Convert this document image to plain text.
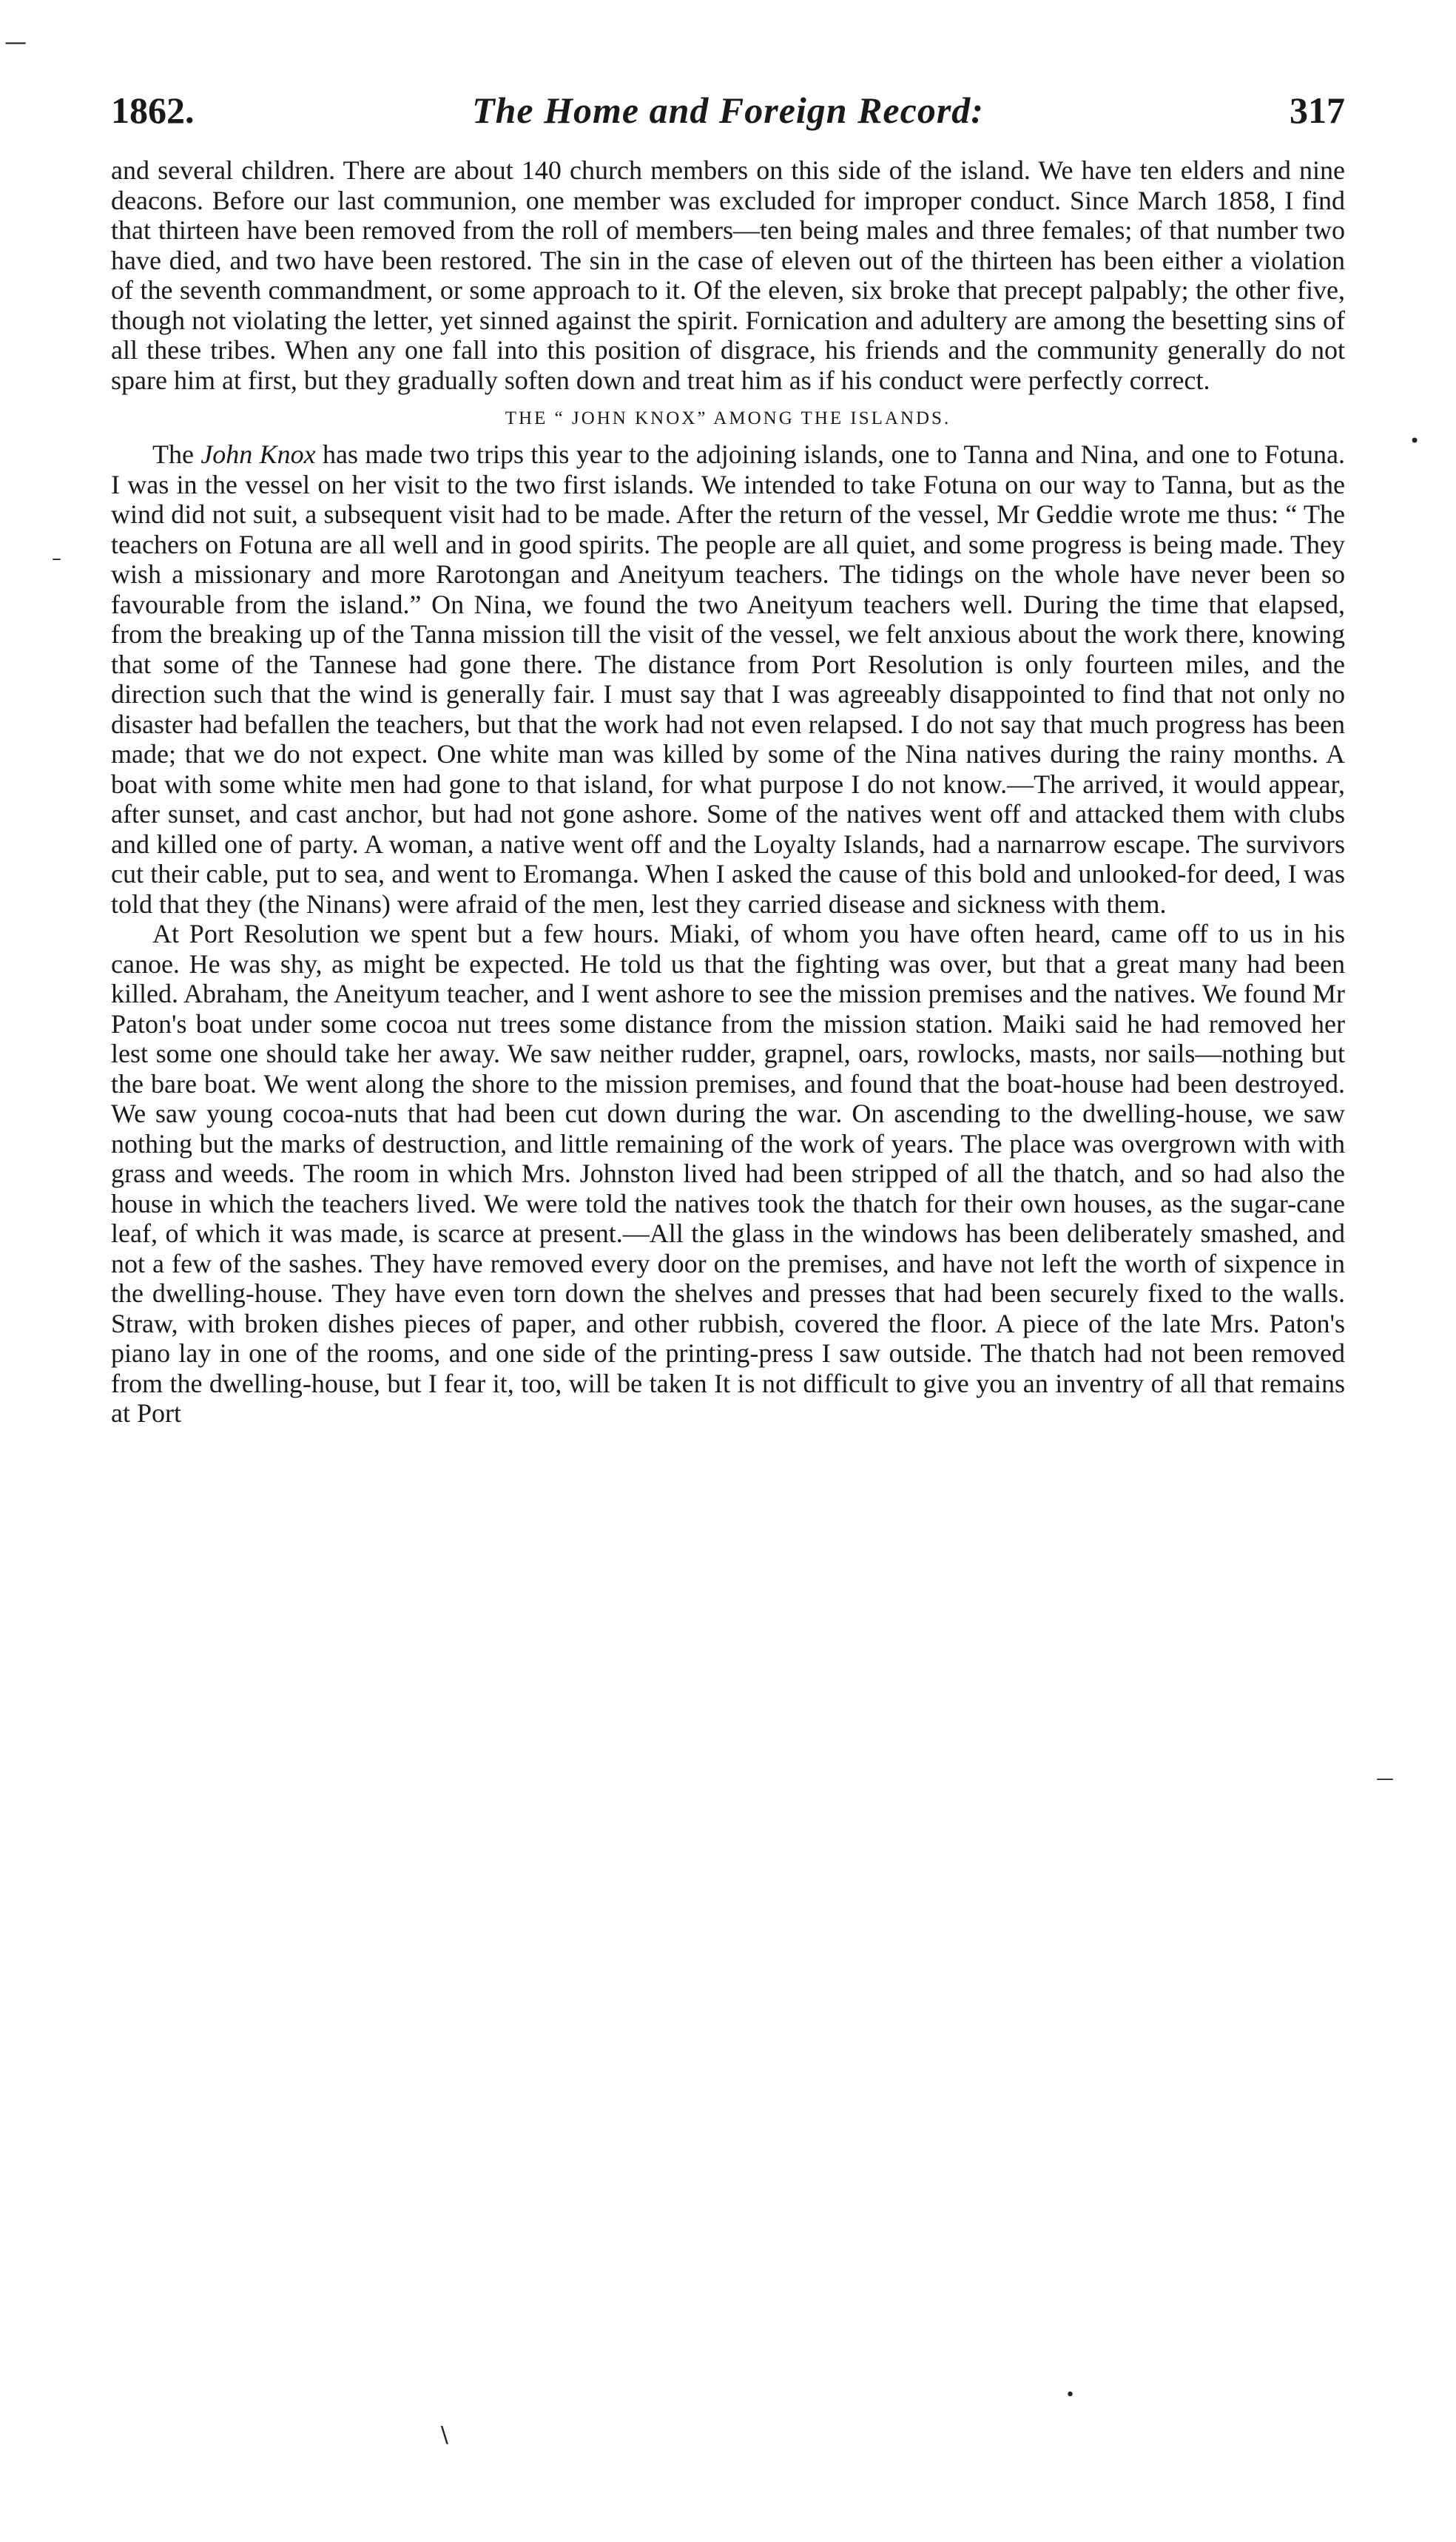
1862.	The Home and Foreign Record:	317

and several children. There are about 140 church members on this side of the island. We have ten elders and nine deacons. Before our last communion, one member was excluded for improper conduct. Since March 1858, I find that thirteen have been removed from the roll of members—ten being males and three females; of that number two have died, and two have been restored. The sin in the case of eleven out of the thirteen has been either a violation of the seventh commandment, or some approach to it. Of the eleven, six broke that precept palpably; the other five, though not violating the letter, yet sinned against the spirit. Fornication and adultery are among the besetting sins of all these tribes. When any one fall into this position of disgrace, his friends and the community generally do not spare him at first, but they gradually soften down and treat him as if his conduct were perfectly correct.

THE “ JOHN KNOX” AMONG THE ISLANDS.

The John Knox has made two trips this year to the adjoining islands, one to Tanna and Nina, and one to Fotuna. I was in the vessel on her visit to the two first islands. We intended to take Fotuna on our way to Tanna, but as the wind did not suit, a subsequent visit had to be made. After the return of the vessel, Mr Geddie wrote me thus: “ The teachers on Fotuna are all well and in good spirits. The people are all quiet, and some progress is being made. They wish a missionary and more Rarotongan and Aneityum teachers. The tidings on the whole have never been so favourable from the island.” On Nina, we found the two Aneityum teachers well. During the time that elapsed, from the breaking up of the Tanna mission till the visit of the vessel, we felt anxious about the work there, knowing that some of the Tannese had gone there. The distance from Port Resolution is only fourteen miles, and the direction such that the wind is generally fair. I must say that I was agreeably disappointed to find that not only no disaster had befallen the teachers, but that the work had not even relapsed. I do not say that much progress has been made; that we do not expect. One white man was killed by some of the Nina natives during the rainy months. A boat with some white men had gone to that island, for what purpose I do not know.—The arrived, it would appear, after sunset, and cast anchor, but had not gone ashore. Some of the natives went off and attacked them with clubs and killed one of party. A woman, a native went off and the Loyalty Islands, had a narnarrow escape. The survivors cut their cable, put to sea, and went to Eromanga. When I asked the cause of this bold and unlooked-for deed, I was told that they (the Ninans) were afraid of the men, lest they carried disease and sickness with them.

At Port Resolution we spent but a few hours. Miaki, of whom you have often heard, came off to us in his canoe. He was shy, as might be expected. He told us that the fighting was over, but that a great many had been killed. Abraham, the Aneityum teacher, and I went ashore to see the mission premises and the natives. We found Mr Paton's boat under some cocoa nut trees some distance from the mission station. Maiki said he had removed her lest some one should take her away. We saw neither rudder, grapnel, oars, rowlocks, masts, nor sails—nothing but the bare boat. We went along the shore to the mission premises, and found that the boat-house had been destroyed. We saw young cocoa-nuts that had been cut down during the war. On ascending to the dwelling-house, we saw nothing but the marks of destruction, and little remaining of the work of years. The place was overgrown with with grass and weeds. The room in which Mrs. Johnston lived had been stripped of all the thatch, and so had also the house in which the teachers lived. We were told the natives took the thatch for their own houses, as the sugar-cane leaf, of which it was made, is scarce at present.—All the glass in the windows has been deliberately smashed, and not a few of the sashes. They have removed every door on the premises, and have not left the worth of sixpence in the dwelling-house. They have even torn down the shelves and presses that had been securely fixed to the walls. Straw, with broken dishes pieces of paper, and other rubbish, covered the floor. A piece of the late Mrs. Paton's piano lay in one of the rooms, and one side of the printing-press I saw outside. The thatch had not been removed from the dwelling-house, but I fear it, too, will be taken It is not difficult to give you an inventry of all that remains at Port

—
•
–
—
•
∖
